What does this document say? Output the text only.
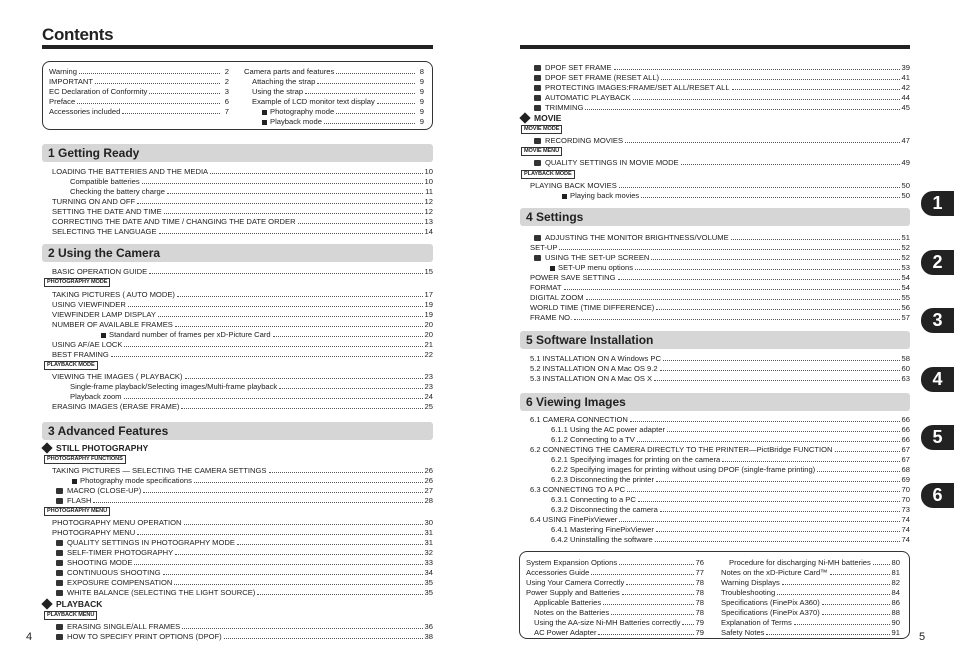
Contents
Warning	2
IMPORTANT	2
EC Declaration of Conformity	3
Preface	6
Accessories included	7
Camera parts and features	8
Attaching the strap	9
Using the strap	9
Example of LCD monitor text display	9
Photography mode	9
Playback mode	9
1 Getting Ready
LOADING THE BATTERIES AND THE MEDIA	10
Compatible batteries	10
Checking the battery charge	11
TURNING ON AND OFF	12
SETTING THE DATE AND TIME	12
CORRECTING THE DATE AND TIME / CHANGING THE DATE ORDER	13
SELECTING THE LANGUAGE	14
2 Using the Camera
BASIC OPERATION GUIDE	15
TAKING PICTURES ( AUTO MODE)	17
USING VIEWFINDER	19
VIEWFINDER LAMP DISPLAY	19
NUMBER OF AVAILABLE FRAMES	20
Standard number of frames per xD-Picture Card	20
USING AF/AE LOCK	21
BEST FRAMING	22
VIEWING THE IMAGES ( PLAYBACK)	23
Single-frame playback/Selecting images/Multi-frame playback	23
Playback zoom	24
ERASING IMAGES (ERASE FRAME)	25
PHOTOGRAPHY MODE
PLAYBACK MODE
3 Advanced Features
STILL PHOTOGRAPHY
PHOTOGRAPHY FUNCTIONS
PHOTOGRAPHY MENU
PLAYBACK
PLAYBACK MENU
TAKING PICTURES — SELECTING THE CAMERA SETTINGS	26
Photography mode specifications	26
MACRO (CLOSE-UP)	27
FLASH	28
PHOTOGRAPHY MENU OPERATION	30
PHOTOGRAPHY MENU	31
QUALITY SETTINGS IN PHOTOGRAPHY MODE	31
SELF-TIMER PHOTOGRAPHY	32
SHOOTING MODE	33
CONTINUOUS SHOOTING	34
EXPOSURE COMPENSATION	35
WHITE BALANCE (SELECTING THE LIGHT SOURCE)	35
ERASING SINGLE/ALL FRAMES	36
HOW TO SPECIFY PRINT OPTIONS (DPOF)	38
4
DPOF SET FRAME	39
DPOF SET FRAME (RESET ALL)	41
PROTECTING IMAGES:FRAME/SET ALL/RESET ALL	42
AUTOMATIC PLAYBACK	44
TRIMMING	45
RECORDING MOVIES	47
QUALITY SETTINGS IN MOVIE MODE	49
PLAYING BACK MOVIES	50
Playing back movies	50
MOVIE
MOVIE MODE
MOVIE MENU
PLAYBACK MODE
4 Settings
ADJUSTING THE MONITOR BRIGHTNESS/VOLUME	51
SET-UP	52
USING THE SET-UP SCREEN	52
SET-UP menu options	53
POWER SAVE SETTING	54
FORMAT	54
DIGITAL ZOOM	55
WORLD TIME (TIME DIFFERENCE)	56
FRAME NO.	57
5 Software Installation
5.1 INSTALLATION ON A Windows PC	58
5.2 INSTALLATION ON A Mac OS 9.2	60
5.3 INSTALLATION ON A Mac OS X	63
6 Viewing Images
6.1 CAMERA CONNECTION	66
6.1.1 Using the AC power adapter	66
6.1.2 Connecting to a TV	66
6.2 CONNECTING THE CAMERA DIRECTLY TO THE PRINTER—PictBridge FUNCTION	67
6.2.1 Specifying images for printing on the camera	67
6.2.2 Specifying images for printing without using DPOF (single-frame printing)	68
6.2.3 Disconnecting the printer	69
6.3 CONNECTING TO A PC	70
6.3.1 Connecting to a PC	70
6.3.2 Disconnecting the camera	73
6.4 USING FinePixViewer	74
6.4.1 Mastering FinePixViewer	74
6.4.2 Uninstalling the software	74
System Expansion Options	76
Accessories Guide	77
Using Your Camera Correctly	78
Power Supply and Batteries	78
Applicable Batteries	78
Notes on the Batteries	78
Using the AA-size Ni-MH Batteries correctly 79
AC Power Adapter	79
Procedure for discharging Ni-MH batteries	80
Notes on the xD-Picture Card™	81
Warning Displays	82
Troubleshooting	84
Specifications (FinePix A360)	86
Specifications (FinePix A370)	88
Explanation of Terms	90
Safety Notes	91 5
1
2
3
4
5
6
